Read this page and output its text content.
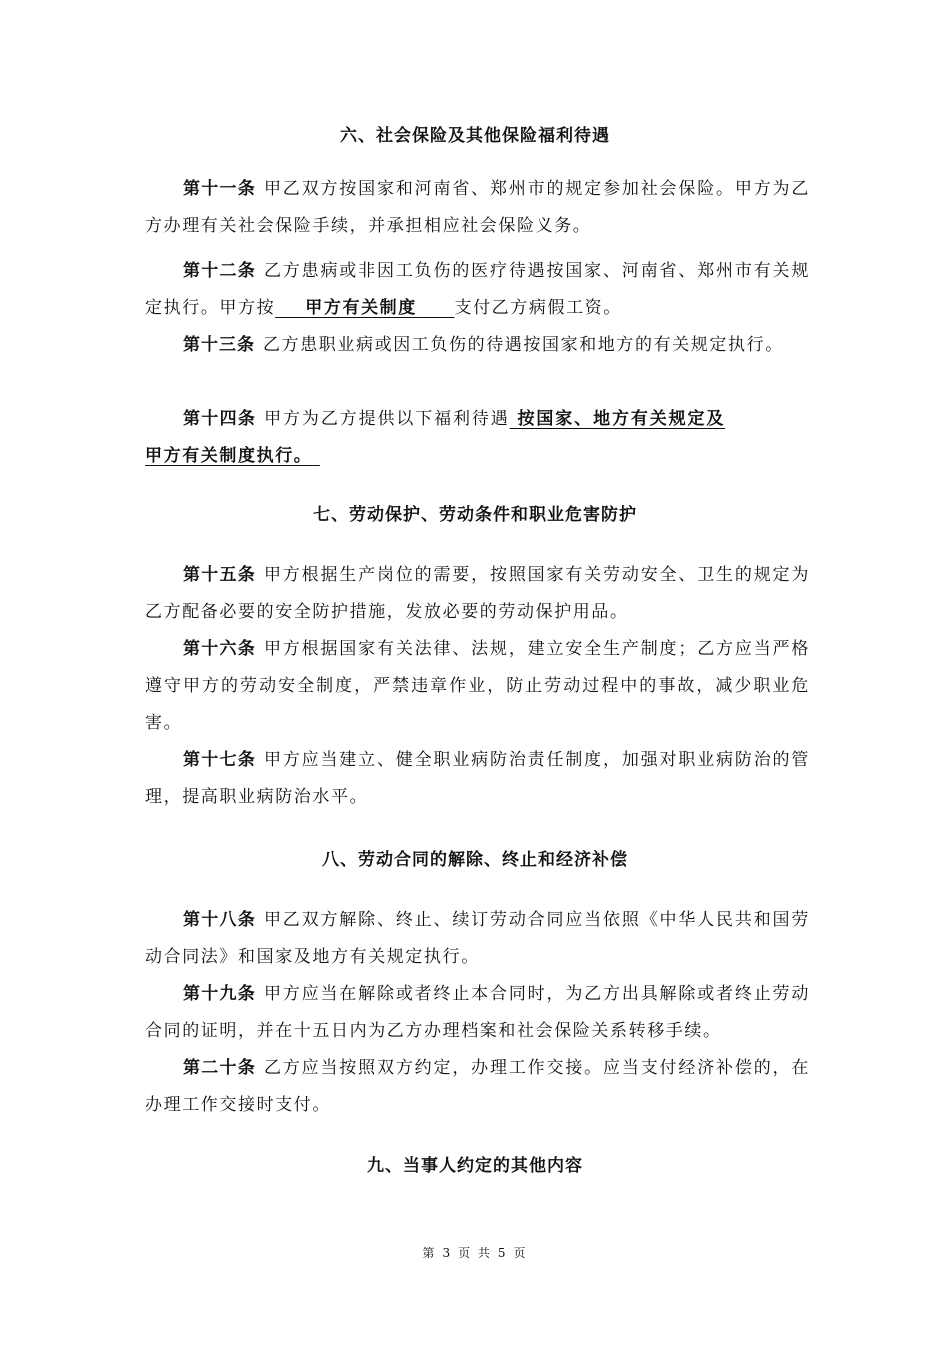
六、社会保险及其他保险福利待遇

第十一条 甲乙双方按国家和河南省、郑州市的规定参加社会保险。甲方为乙方办理有关社会保险手续，并承担相应社会保险义务。

第十二条 乙方患病或非因工负伤的医疗待遇按国家、河南省、郑州市有关规定执行。甲方按 甲方有关制度 支付乙方病假工资。

第十三条 乙方患职业病或因工负伤的待遇按国家和地方的有关规定执行。

第十四条 甲方为乙方提供以下福利待遇 按国家、地方有关规定及甲方有关制度执行。

七、劳动保护、劳动条件和职业危害防护

第十五条 甲方根据生产岗位的需要，按照国家有关劳动安全、卫生的规定为乙方配备必要的安全防护措施，发放必要的劳动保护用品。

第十六条 甲方根据国家有关法律、法规，建立安全生产制度；乙方应当严格遵守甲方的劳动安全制度，严禁违章作业，防止劳动过程中的事故，减少职业危害。

第十七条 甲方应当建立、健全职业病防治责任制度，加强对职业病防治的管理，提高职业病防治水平。

八、劳动合同的解除、终止和经济补偿

第十八条 甲乙双方解除、终止、续订劳动合同应当依照《中华人民共和国劳动合同法》和国家及地方有关规定执行。

第十九条 甲方应当在解除或者终止本合同时，为乙方出具解除或者终止劳动合同的证明，并在十五日内为乙方办理档案和社会保险关系转移手续。

第二十条 乙方应当按照双方约定，办理工作交接。应当支付经济补偿的，在办理工作交接时支付。

九、当事人约定的其他内容
第 3 页 共 5 页
